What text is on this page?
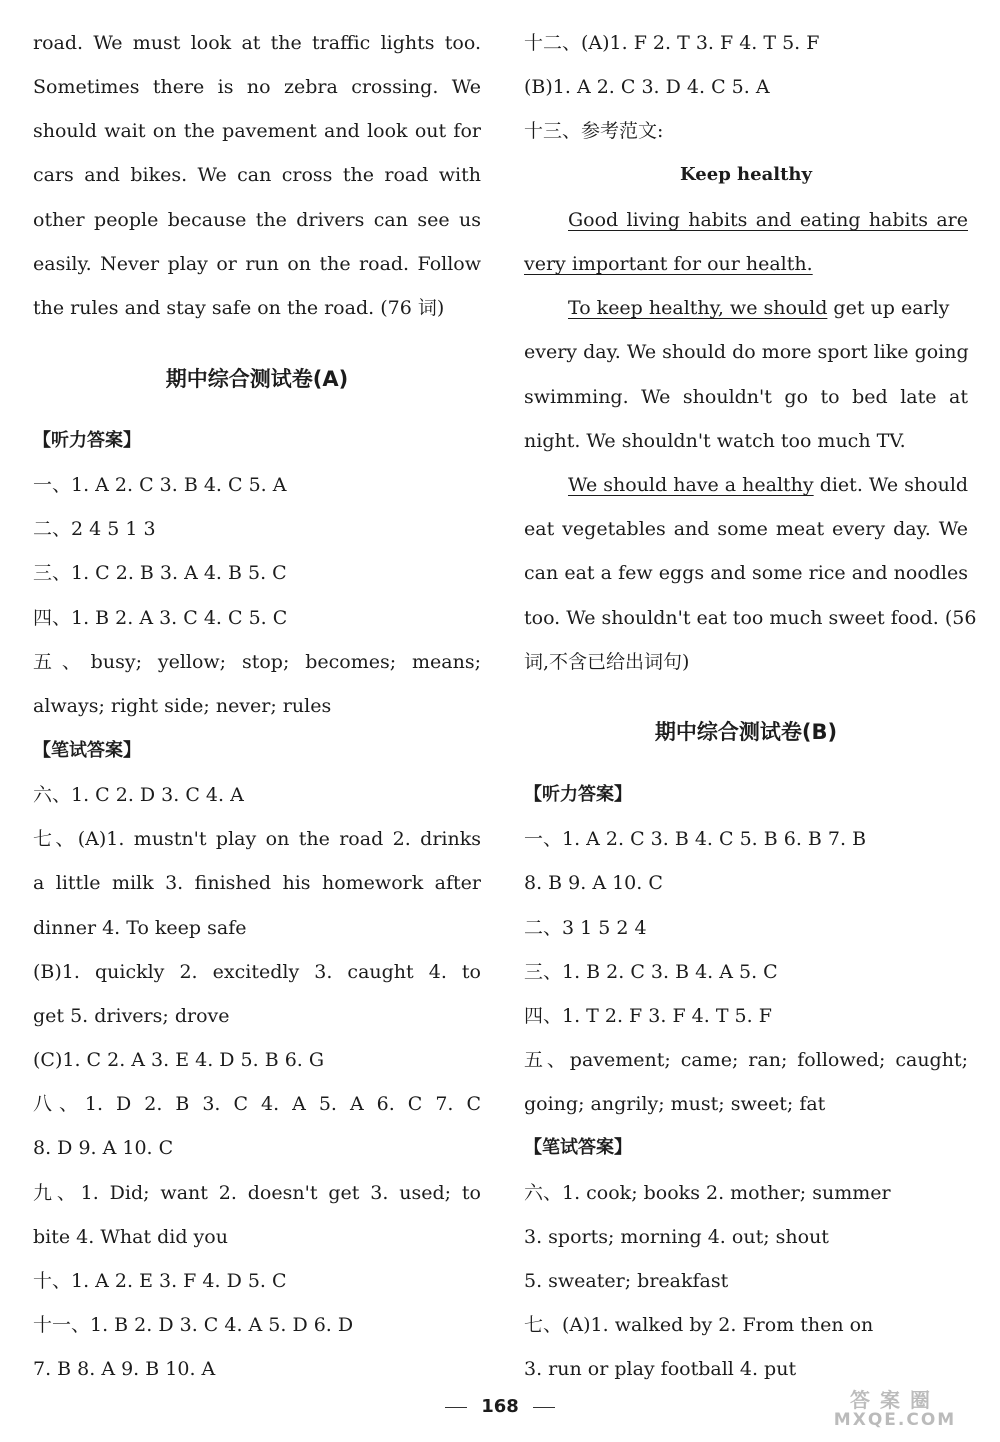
road. We must look at the traffic lights too.
Sometimes there is no zebra crossing. We
should wait on the pavement and look out for
cars and bikes. We can cross the road with
other people because the drivers can see us
easily. Never play or run on the road. Follow
the rules and stay safe on the road. (76 词)
期中综合测试卷(A)
【听力答案】
一、1. A 2. C 3. B 4. C 5. A
二、2 4 5 1 3
三、1. C 2. B 3. A 4. B 5. C
四、1. B 2. A 3. C 4. C 5. C
五、busy; yellow; stop; becomes; means;
always; right side; never; rules
【笔试答案】
六、1. C 2. D 3. C 4. A
七、(A)1. mustn't play on the road 2. drinks
a little milk 3. finished his homework after
dinner 4. To keep safe
(B)1. quickly 2. excitedly 3. caught 4. to
get 5. drivers; drove
(C)1. C 2. A 3. E 4. D 5. B 6. G
八、1. D 2. B 3. C 4. A 5. A 6. C 7. C
8. D 9. A 10. C
九、1. Did; want 2. doesn't get 3. used; to
bite 4. What did you
十、1. A 2. E 3. F 4. D 5. C
十一、1. B 2. D 3. C 4. A 5. D 6. D
7. B 8. A 9. B 10. A
十二、(A)1. F 2. T 3. F 4. T 5. F
(B)1. A 2. C 3. D 4. C 5. A
十三、参考范文:
Keep healthy
Good living habits and eating habits are
very important for our health.
To keep healthy, we should get up early
every day. We should do more sport like going
swimming. We shouldn't go to bed late at
night. We shouldn't watch too much TV.
We should have a healthy diet. We should
eat vegetables and some meat every day. We
can eat a few eggs and some rice and noodles
too. We shouldn't eat too much sweet food. (56
词,不含已给出词句)
期中综合测试卷(B)
【听力答案】
一、1. A 2. C 3. B 4. C 5. B 6. B 7. B
8. B 9. A 10. C
二、3 1 5 2 4
三、1. B 2. C 3. B 4. A 5. C
四、1. T 2. F 3. F 4. T 5. F
五、pavement; came; ran; followed; caught;
going; angrily; must; sweet; fat
【笔试答案】
六、1. cook; books 2. mother; summer
3. sports; morning 4. out; shout
5. sweater; breakfast
七、(A)1. walked by 2. From then on
3. run or play football 4. put
168	答案圈
MXQE.COM
